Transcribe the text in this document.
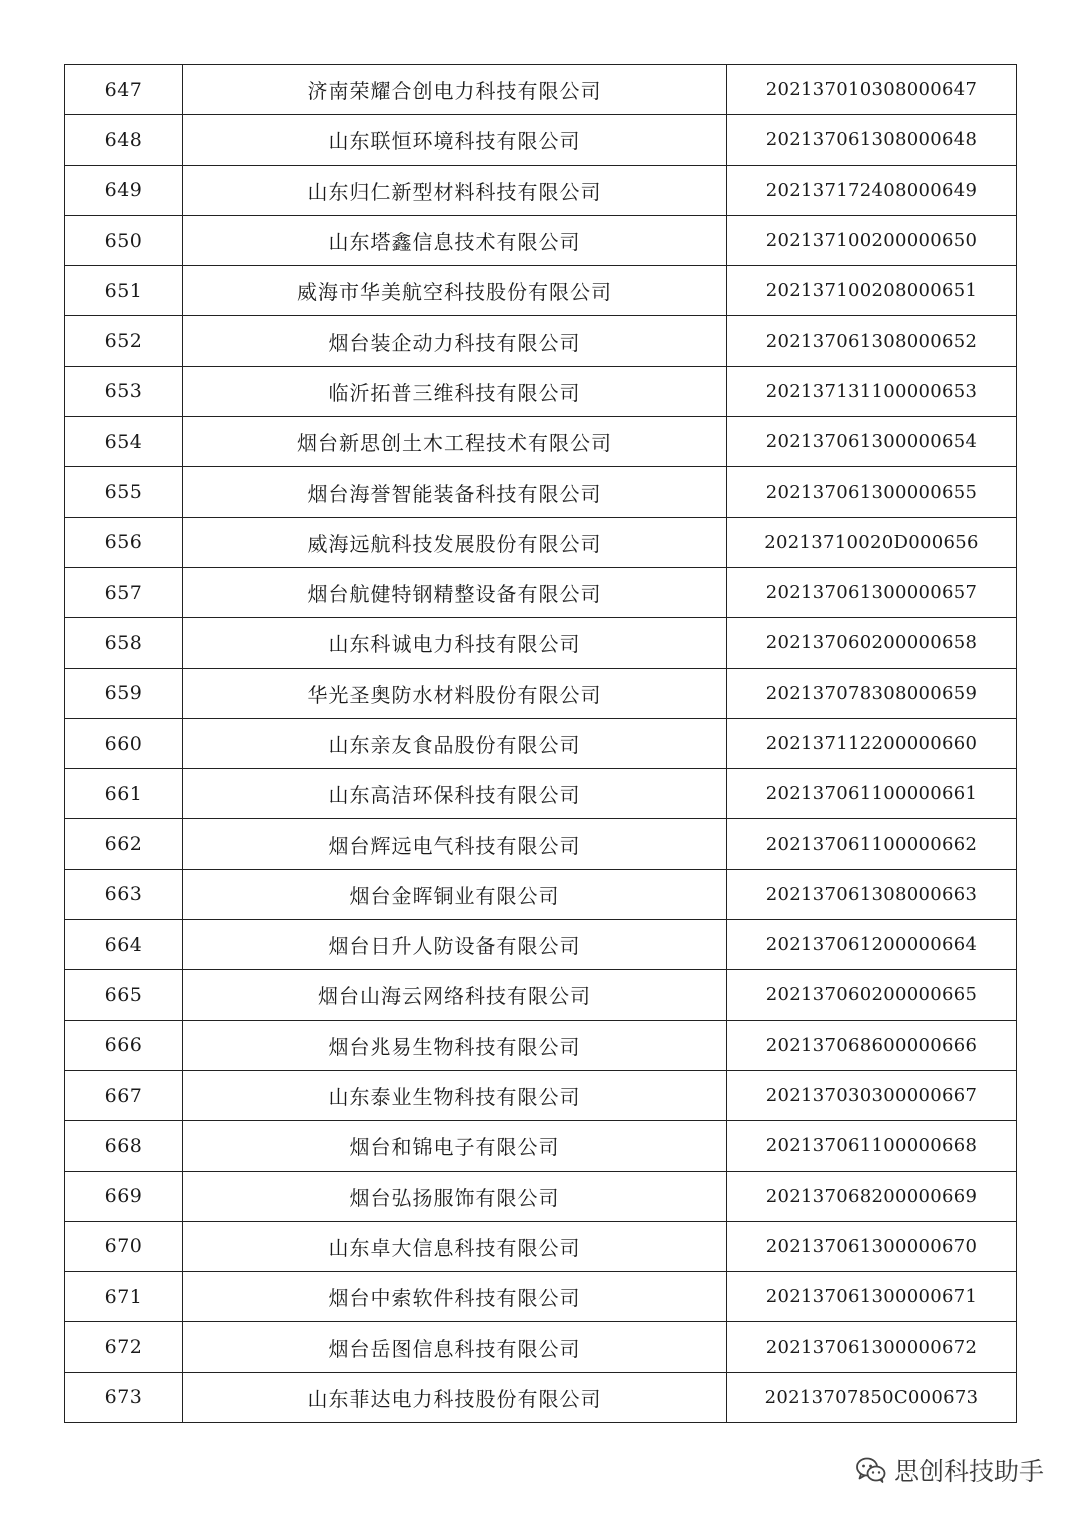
647	济南荣耀合创电力科技有限公司	202137010308000647
648	山东联恒环境科技有限公司	202137061308000648
649	山东归仁新型材料科技有限公司	202137172408000649
650	山东塔鑫信息技术有限公司	202137100200000650
651	威海市华美航空科技股份有限公司	202137100208000651
652	烟台装企动力科技有限公司	202137061308000652
653	临沂拓普三维科技有限公司	202137131100000653
654	烟台新思创土木工程技术有限公司	202137061300000654
655	烟台海誉智能装备科技有限公司	202137061300000655
656	威海远航科技发展股份有限公司	20213710020D000656
657	烟台航健特钢精整设备有限公司	202137061300000657
658	山东科诚电力科技有限公司	202137060200000658
659	华光圣奥防水材料股份有限公司	202137078308000659
660	山东亲友食品股份有限公司	202137112200000660
661	山东高洁环保科技有限公司	202137061100000661
662	烟台辉远电气科技有限公司	202137061100000662
663	烟台金晖铜业有限公司	202137061308000663
664	烟台日升人防设备有限公司	202137061200000664
665	烟台山海云网络科技有限公司	202137060200000665
666	烟台兆易生物科技有限公司	202137068600000666
667	山东泰业生物科技有限公司	202137030300000667
668	烟台和锦电子有限公司	202137061100000668
669	烟台弘扬服饰有限公司	202137068200000669
670	山东卓大信息科技有限公司	202137061300000670
671	烟台中索软件科技有限公司	202137061300000671
672	烟台岳图信息科技有限公司	202137061300000672
673	山东菲达电力科技股份有限公司	20213707850C000673
思创科技助手
